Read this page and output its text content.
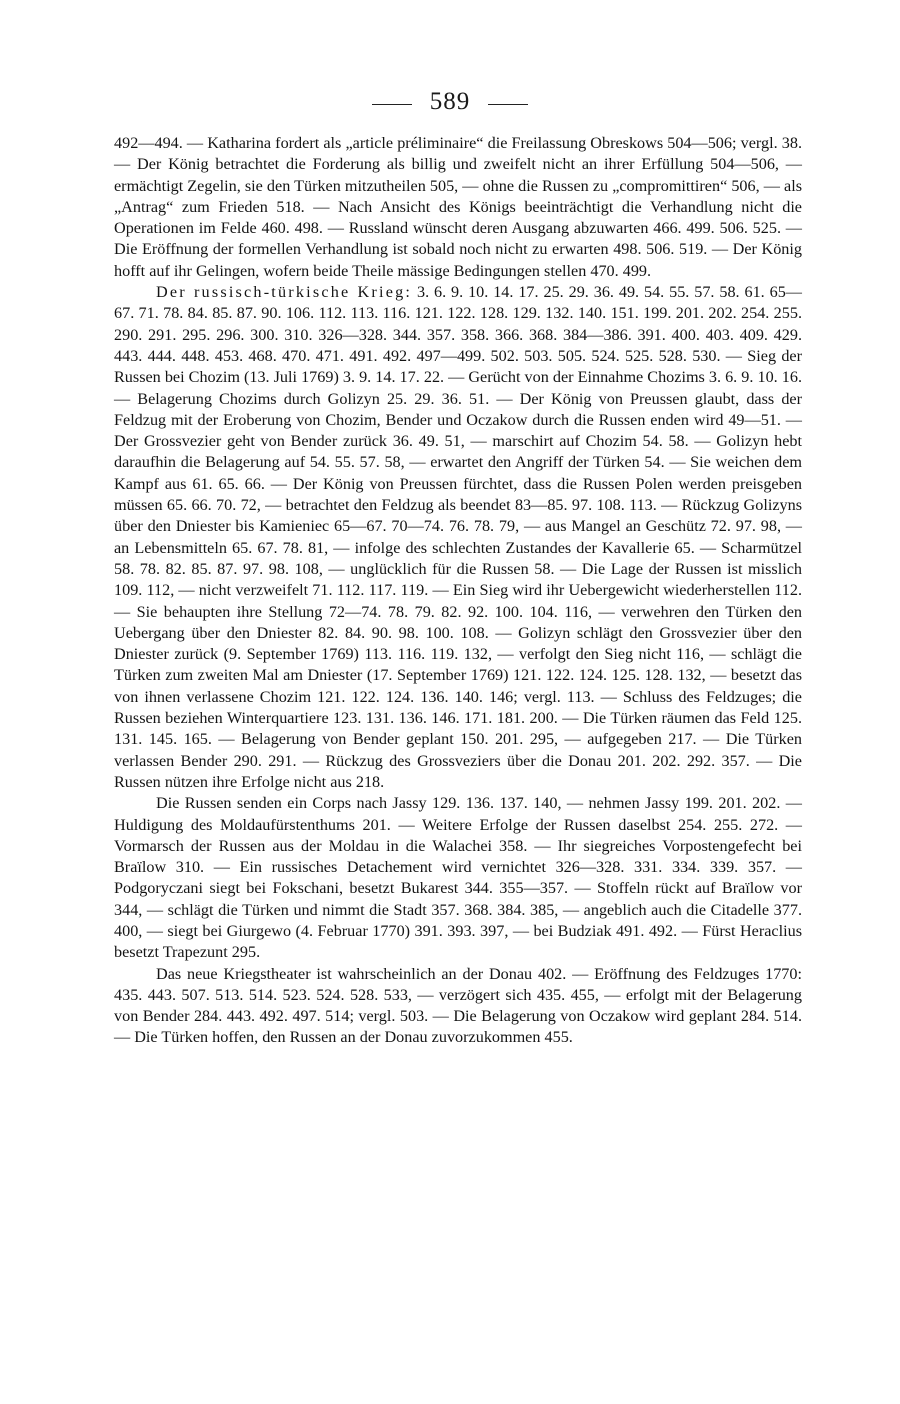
589

492—494. — Katharina fordert als „article préliminaire“ die Freilassung Obreskows 504—506; vergl. 38. — Der König betrachtet die Forderung als billig und zweifelt nicht an ihrer Erfüllung 504—506, — ermächtigt Zegelin, sie den Türken mitzutheilen 505, — ohne die Russen zu „compromittiren“ 506, — als „Antrag“ zum Frieden 518. — Nach Ansicht des Königs beeinträchtigt die Verhandlung nicht die Operationen im Felde 460. 498. — Russland wünscht deren Ausgang abzuwarten 466. 499. 506. 525. — Die Eröffnung der formellen Verhandlung ist sobald noch nicht zu erwarten 498. 506. 519. — Der König hofft auf ihr Gelingen, wofern beide Theile mässige Bedingungen stellen 470. 499.

Der russisch-türkische Krieg: 3. 6. 9. 10. 14. 17. 25. 29. 36. 49. 54. 55. 57. 58. 61. 65—67. 71. 78. 84. 85. 87. 90. 106. 112. 113. 116. 121. 122. 128. 129. 132. 140. 151. 199. 201. 202. 254. 255. 290. 291. 295. 296. 300. 310. 326—328. 344. 357. 358. 366. 368. 384—386. 391. 400. 403. 409. 429. 443. 444. 448. 453. 468. 470. 471. 491. 492. 497—499. 502. 503. 505. 524. 525. 528. 530. — Sieg der Russen bei Chozim (13. Juli 1769) 3. 9. 14. 17. 22. — Gerücht von der Einnahme Chozims 3. 6. 9. 10. 16. — Belagerung Chozims durch Golizyn 25. 29. 36. 51. — Der König von Preussen glaubt, dass der Feldzug mit der Eroberung von Chozim, Bender und Oczakow durch die Russen enden wird 49—51. — Der Grossvezier geht von Bender zurück 36. 49. 51, — marschirt auf Chozim 54. 58. — Golizyn hebt daraufhin die Belagerung auf 54. 55. 57. 58, — erwartet den Angriff der Türken 54. — Sie weichen dem Kampf aus 61. 65. 66. — Der König von Preussen fürchtet, dass die Russen Polen werden preisgeben müssen 65. 66. 70. 72, — betrachtet den Feldzug als beendet 83—85. 97. 108. 113. — Rückzug Golizyns über den Dniester bis Kamieniec 65—67. 70—74. 76. 78. 79, — aus Mangel an Geschütz 72. 97. 98, — an Lebensmitteln 65. 67. 78. 81, — infolge des schlechten Zustandes der Kavallerie 65. — Scharmützel 58. 78. 82. 85. 87. 97. 98. 108, — unglücklich für die Russen 58. — Die Lage der Russen ist misslich 109. 112, — nicht verzweifelt 71. 112. 117. 119. — Ein Sieg wird ihr Uebergewicht wiederherstellen 112. — Sie behaupten ihre Stellung 72—74. 78. 79. 82. 92. 100. 104. 116, — verwehren den Türken den Uebergang über den Dniester 82. 84. 90. 98. 100. 108. — Golizyn schlägt den Grossvezier über den Dniester zurück (9. September 1769) 113. 116. 119. 132, — verfolgt den Sieg nicht 116, — schlägt die Türken zum zweiten Mal am Dniester (17. September 1769) 121. 122. 124. 125. 128. 132, — besetzt das von ihnen verlassene Chozim 121. 122. 124. 136. 140. 146; vergl. 113. — Schluss des Feldzuges; die Russen beziehen Winterquartiere 123. 131. 136. 146. 171. 181. 200. — Die Türken räumen das Feld 125. 131. 145. 165. — Belagerung von Bender geplant 150. 201. 295, — aufgegeben 217. — Die Türken verlassen Bender 290. 291. — Rückzug des Grossveziers über die Donau 201. 202. 292. 357. — Die Russen nützen ihre Erfolge nicht aus 218.

Die Russen senden ein Corps nach Jassy 129. 136. 137. 140, — nehmen Jassy 199. 201. 202. — Huldigung des Moldaufürstenthums 201. — Weitere Erfolge der Russen daselbst 254. 255. 272. — Vormarsch der Russen aus der Moldau in die Walachei 358. — Ihr siegreiches Vorpostengefecht bei Braïlow 310. — Ein russisches Detachement wird vernichtet 326—328. 331. 334. 339. 357. — Podgoryczani siegt bei Fokschani, besetzt Bukarest 344. 355—357. — Stoffeln rückt auf Braïlow vor 344, — schlägt die Türken und nimmt die Stadt 357. 368. 384. 385, — angeblich auch die Citadelle 377. 400, — siegt bei Giurgewo (4. Februar 1770) 391. 393. 397, — bei Budziak 491. 492. — Fürst Heraclius besetzt Trapezunt 295.

Das neue Kriegstheater ist wahrscheinlich an der Donau 402. — Eröffnung des Feldzuges 1770: 435. 443. 507. 513. 514. 523. 524. 528. 533, — verzögert sich 435. 455, — erfolgt mit der Belagerung von Bender 284. 443. 492. 497. 514; vergl. 503. — Die Belagerung von Oczakow wird geplant 284. 514. — Die Türken hoffen, den Russen an der Donau zuvorzukommen 455.
